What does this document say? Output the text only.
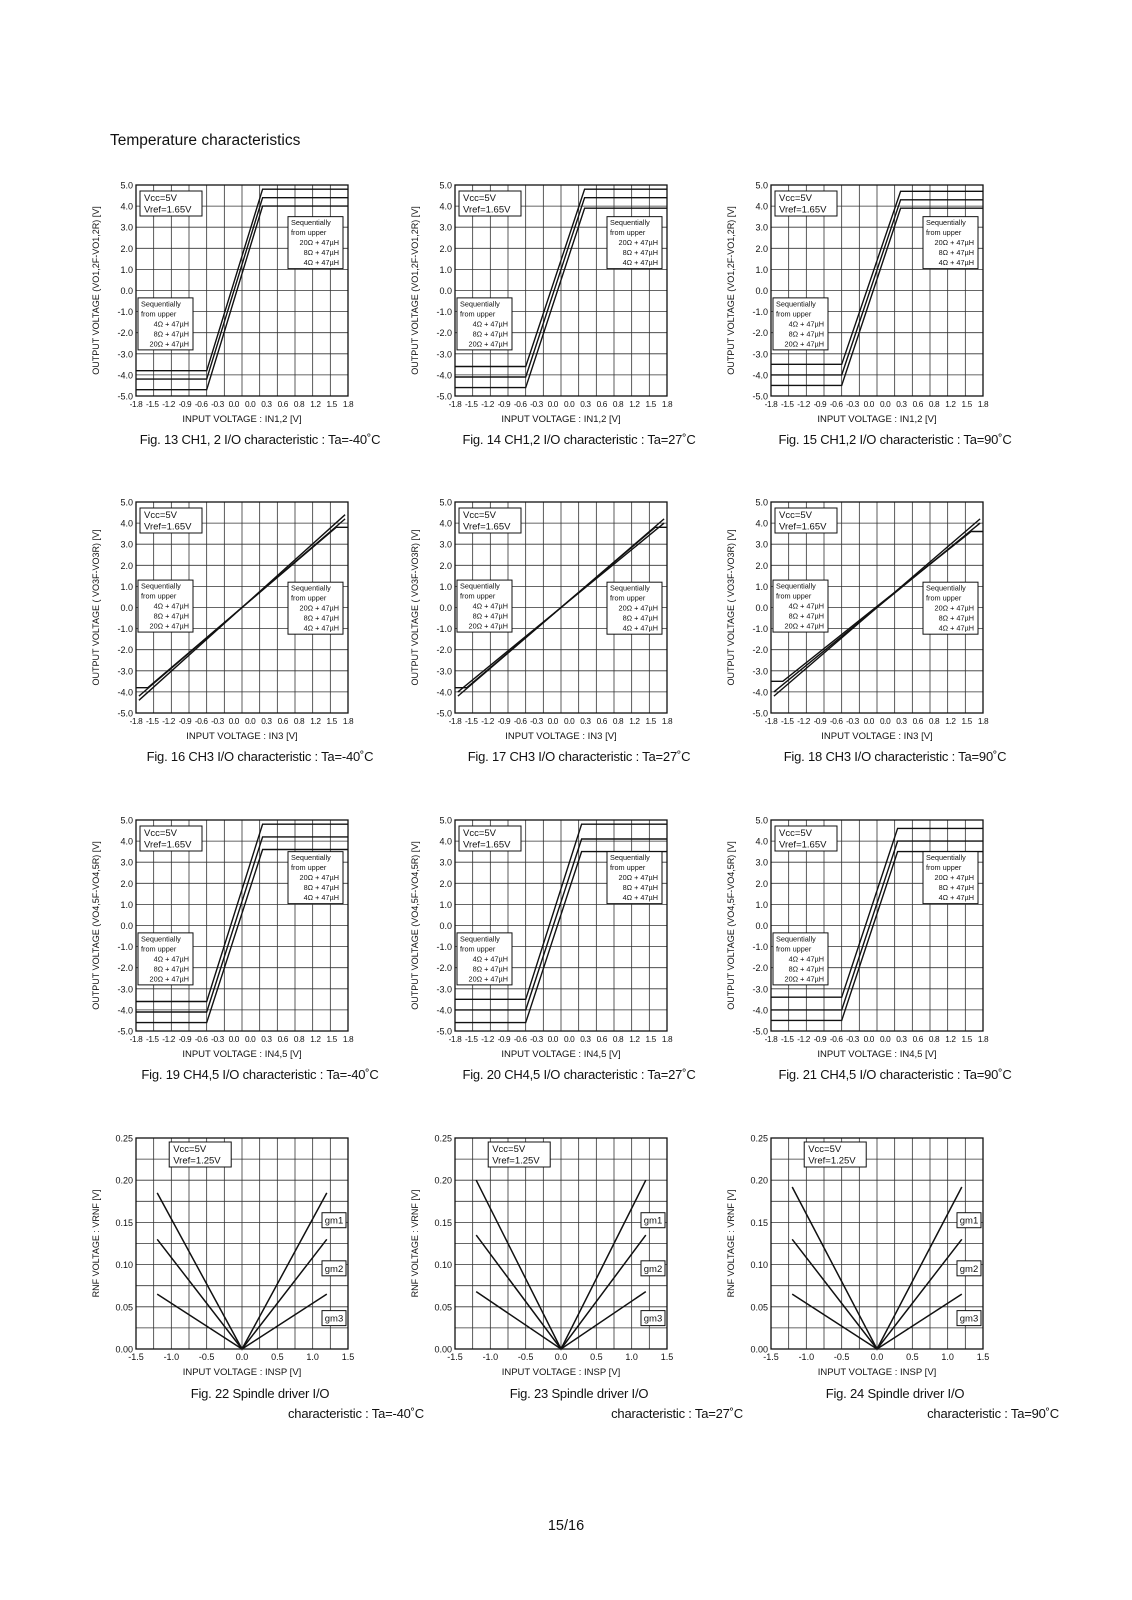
Temperature characteristics
5.0
4.0
3.0
2.0
1.0
0.0
-1.0
-2.0
-3.0
-4.0
-5.0
-1.8 -1.5 -1.2 -0.9 -0.6 -0.3 0.0 0.0 0.3 0.6 0.8 1.2 1.5 1.8
INPUT VOLTAGE : IN1,2 [V]
OUTPUT VOLTAGE (VO1,2F-VO1,2R) [V]
Vcc=5V
Vref=1.65V
Sequentially
from upper
20Ω + 47µH
8Ω + 47µH
4Ω + 47µH
Sequentially
from upper
4Ω + 47µH
8Ω + 47µH
20Ω + 47µH
Fig. 13 CH1, 2 I/O characteristic : Ta=-40˚C
5.0
4.0
3.0
2.0
1.0
0.0
-1.0
-2.0
-3.0
-4.0
-5.0
-1.8 -1.5 -1.2 -0.9 -0.6 -0.3 0.0 0.0 0.3 0.6 0.8 1.2 1.5 1.8
INPUT VOLTAGE : IN1,2 [V]
OUTPUT VOLTAGE (VO1,2F-VO1,2R) [V]
Vcc=5V
Vref=1.65V
Sequentially
from upper
20Ω + 47µH
8Ω + 47µH
4Ω + 47µH
Sequentially
from upper
4Ω + 47µH
8Ω + 47µH
20Ω + 47µH
Fig. 14 CH1,2 I/O characteristic : Ta=27˚C
5.0
4.0
3.0
2.0
1.0
0.0
-1.0
-2.0
-3.0
-4.0
-5.0
-1.8 -1.5 -1.2 -0.9 -0.6 -0.3 0.0 0.0 0.3 0.6 0.8 1.2 1.5 1.8
INPUT VOLTAGE : IN1,2 [V]
OUTPUT VOLTAGE (VO1,2F-VO1,2R) [V]
Vcc=5V
Vref=1.65V
Sequentially
from upper
20Ω + 47µH
8Ω + 47µH
4Ω + 47µH
Sequentially
from upper
4Ω + 47µH
8Ω + 47µH
20Ω + 47µH
Fig. 15 CH1,2 I/O characteristic : Ta=90˚C
5.0
4.0
3.0
2.0
1.0
0.0
-1.0
-2.0
-3.0
-4.0
-5.0
-1.8 -1.5 -1.2 -0.9 -0.6 -0.3 0.0 0.0 0.3 0.6 0.8 1.2 1.5 1.8
INPUT VOLTAGE : IN3 [V]
OUTPUT VOLTAGE ( VO3F-VO3R) [V]
Vcc=5V
Vref=1.65V
Sequentially
from upper
20Ω + 47µH
8Ω + 47µH
4Ω + 47µH
Sequentially
from upper
4Ω + 47µH
8Ω + 47µH
20Ω + 47µH
Fig. 16 CH3 I/O characteristic : Ta=-40˚C
5.0
4.0
3.0
2.0
1.0
0.0
-1.0
-2.0
-3.0
-4.0
-5.0
-1.8 -1.5 -1.2 -0.9 -0.6 -0.3 0.0 0.0 0.3 0.6 0.8 1.2 1.5 1.8
INPUT VOLTAGE : IN3 [V]
OUTPUT VOLTAGE ( VO3F-VO3R) [V]
Vcc=5V
Vref=1.65V
Sequentially
from upper
20Ω + 47µH
8Ω + 47µH
4Ω + 47µH
Sequentially
from upper
4Ω + 47µH
8Ω + 47µH
20Ω + 47µH
Fig. 17 CH3 I/O characteristic : Ta=27˚C
5.0
4.0
3.0
2.0
1.0
0.0
-1.0
-2.0
-3.0
-4.0
-5.0
-1.8 -1.5 -1.2 -0.9 -0.6 -0.3 0.0 0.0 0.3 0.6 0.8 1.2 1.5 1.8
INPUT VOLTAGE : IN3 [V]
OUTPUT VOLTAGE ( VO3F-VO3R) [V]
Vcc=5V
Vref=1.65V
Sequentially
from upper
20Ω + 47µH
8Ω + 47µH
4Ω + 47µH
Sequentially
from upper
4Ω + 47µH
8Ω + 47µH
20Ω + 47µH
Fig. 18 CH3 I/O characteristic : Ta=90˚C
5.0
4.0
3.0
2.0
1.0
0.0
-1.0
-2.0
-3.0
-4.0
-5.0
-1.8 -1.5 -1.2 -0.9 -0.6 -0.3 0.0 0.0 0.3 0.6 0.8 1.2 1.5 1.8
INPUT VOLTAGE : IN4,5 [V]
OUTPUT VOLTAGE (VO4,5F-VO4,5R) [V]
Vcc=5V
Vref=1.65V
Sequentially
from upper
20Ω + 47µH
8Ω + 47µH
4Ω + 47µH
Sequentially
from upper
4Ω + 47µH
8Ω + 47µH
20Ω + 47µH
Fig. 19 CH4,5 I/O characteristic : Ta=-40˚C
5.0
4.0
3.0
2.0
1.0
0.0
-1.0
-2.0
-3.0
-4.0
-5.0
-1.8 -1.5 -1.2 -0.9 -0.6 -0.3 0.0 0.0 0.3 0.6 0.8 1.2 1.5 1.8
INPUT VOLTAGE : IN4,5 [V]
OUTPUT VOLTAGE (VO4,5F-VO4,5R) [V]
Vcc=5V
Vref=1.65V
Sequentially
from upper
20Ω + 47µH
8Ω + 47µH
4Ω + 47µH
Sequentially
from upper
4Ω + 47µH
8Ω + 47µH
20Ω + 47µH
Fig. 20 CH4,5 I/O characteristic : Ta=27˚C
5.0
4.0
3.0
2.0
1.0
0.0
-1.0
-2.0
-3.0
-4.0
-5.0
-1.8 -1.5 -1.2 -0.9 -0.6 -0.3 0.0 0.0 0.3 0.6 0.8 1.2 1.5 1.8
INPUT VOLTAGE : IN4,5 [V]
OUTPUT VOLTAGE (VO4,5F-VO4,5R) [V]
Vcc=5V
Vref=1.65V
Sequentially
from upper
20Ω + 47µH
8Ω + 47µH
4Ω + 47µH
Sequentially
from upper
4Ω + 47µH
8Ω + 47µH
20Ω + 47µH
Fig. 21 CH4,5 I/O characteristic : Ta=90˚C
0.25
0.20
0.15
0.10
0.05
0.00
-1.5 -1.0 -0.5 0.0	0.5	1.0	1.5
INPUT VOLTAGE : INSP [V]
RNF VOLTAGE : VRNF [V]
Vcc=5V
Vref=1.25V
gm1
gm2
gm3
Fig. 22 Spindle driver I/O
characteristic : Ta=-40˚C
0.25
0.20
0.15
0.10
0.05
0.00
-1.5 -1.0 -0.5 0.0	0.5	1.0	1.5
INPUT VOLTAGE : INSP [V]
RNF VOLTAGE : VRNF [V]
Vcc=5V
Vref=1.25V
gm1
gm2
gm3
Fig. 23 Spindle driver I/O
characteristic : Ta=27˚C
0.25
0.20
0.15
0.10
0.05
0.00
-1.5 -1.0 -0.5 0.0	0.5	1.0	1.5
INPUT VOLTAGE : INSP [V]
RNF VOLTAGE : VRNF [V]
Vcc=5V
Vref=1.25V
gm1
gm2
gm3
Fig. 24 Spindle driver I/O
characteristic : Ta=90˚C
15/16
